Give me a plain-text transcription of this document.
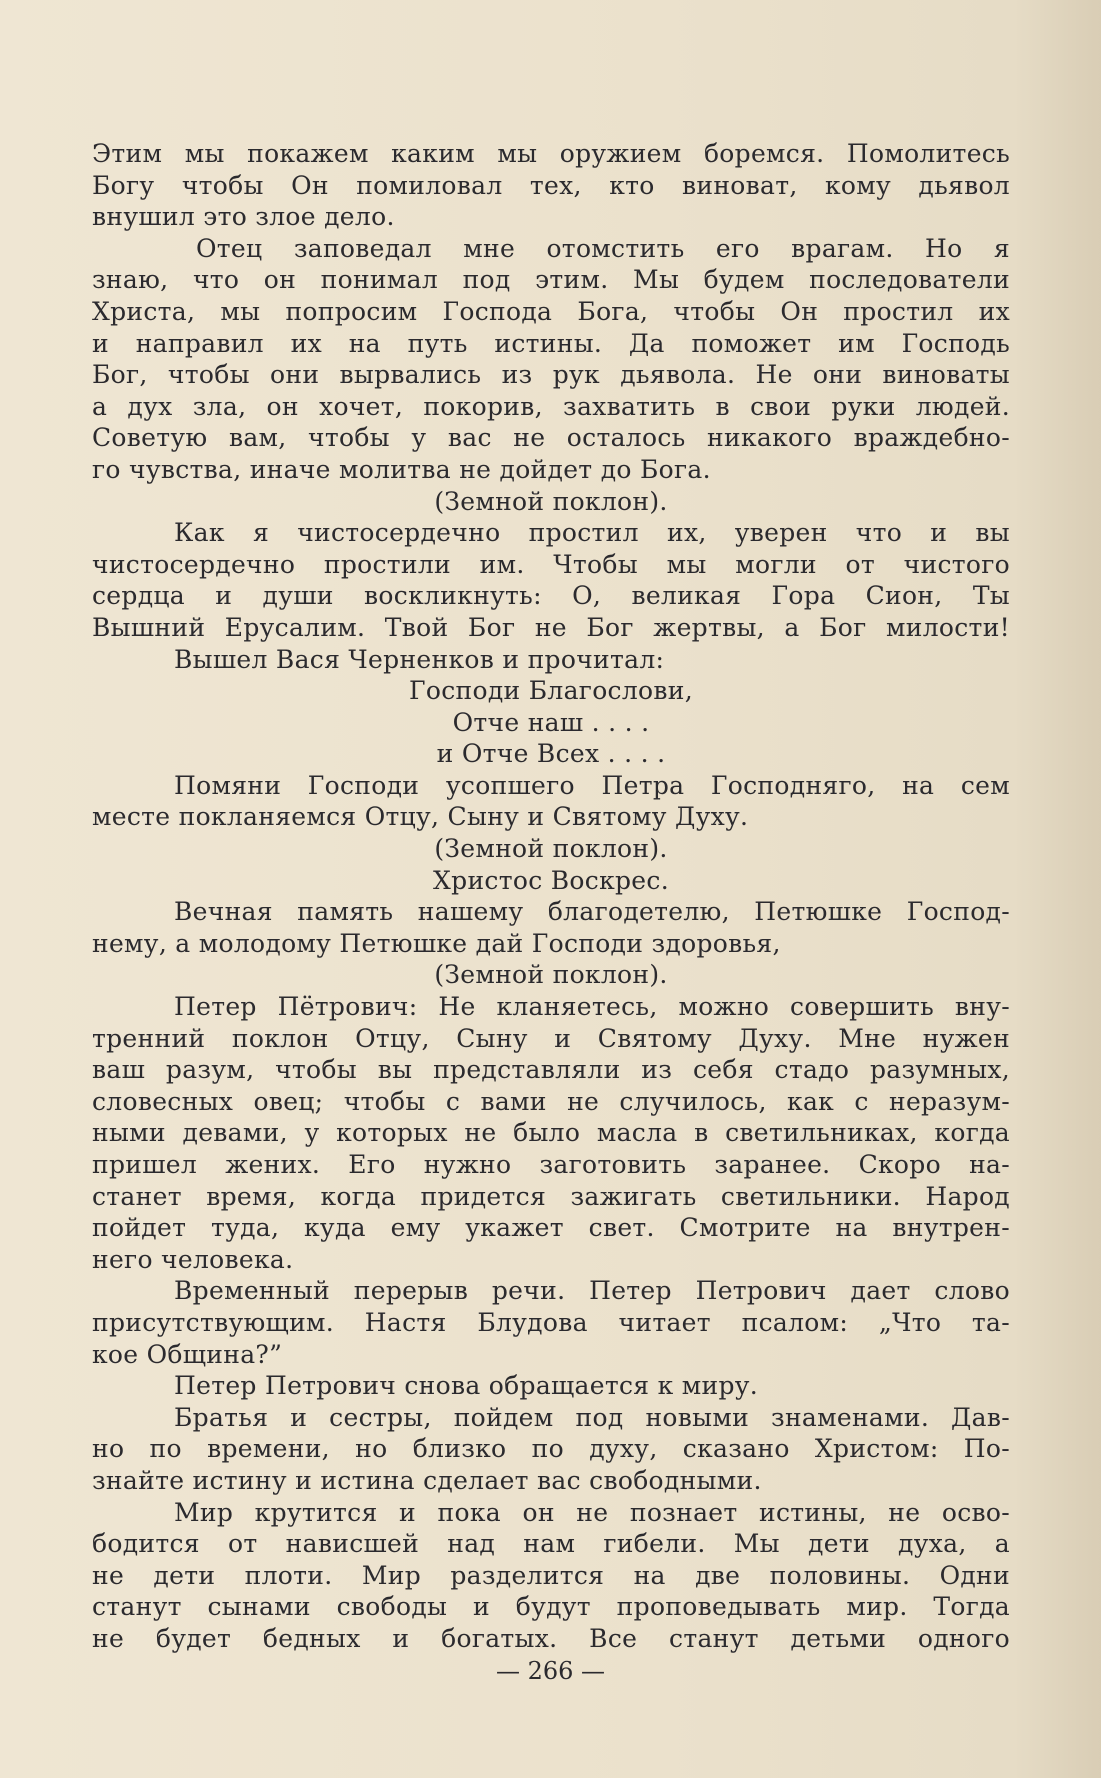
Этим мы покажем каким мы оружием боремся. Помолитесь
Богу чтобы Он помиловал тех, кто виноват, кому дьявол
внушил это злое дело.
Отец заповедал мне отомстить его врагам. Но я
знаю, что он понимал под этим. Мы будем последователи
Христа, мы попросим Господа Бога, чтобы Он простил их
и направил их на путь истины. Да поможет им Господь
Бог, чтобы они вырвались из рук дьявола. Не они виноваты
а дух зла, он хочет, покорив, захватить в свои руки людей.
Советую вам, чтобы у вас не осталось никакого враждебно-
го чувства, иначе молитва не дойдет до Бога.
(Земной поклон).
Как я чистосердечно простил их, уверен что и вы
чистосердечно простили им. Чтобы мы могли от чистого
сердца и души воскликнуть: О, великая Гора Сион, Ты
Вышний Ерусалим. Твой Бог не Бог жертвы, а Бог милости!
Вышел Вася Черненков и прочитал:
Господи Благослови,
Отче наш . . . .
и Отче Всех . . . .
Помяни Господи усопшего Петра Господняго, на сем
месте покланяемся Отцу, Сыну и Святому Духу.
(Земной поклон).
Христос Воскрес.
Вечная память нашему благодетелю, Петюшке Господ-
нему, а молодому Петюшке дай Господи здоровья,
(Земной поклон).
Петер Пётрович: Не кланяетесь, можно совершить вну-
тренний поклон Отцу, Сыну и Святому Духу. Мне нужен
ваш разум, чтобы вы представляли из себя стадо разумных,
словесных овец; чтобы с вами не случилось, как с неразум-
ными девами, у которых не было масла в светильниках, когда
пришел жених. Его нужно заготовить заранее. Скоро на-
станет время, когда придется зажигать светильники. Народ
пойдет туда, куда ему укажет свет. Смотрите на внутрен-
него человека.
Временный перерыв речи. Петер Петрович дает слово
присутствующим. Настя Блудова читает псалом: „Что та-
кое Община?”
Петер Петрович снова обращается к миру.
Братья и сестры, пойдем под новыми знаменами. Дав-
но по времени, но близко по духу, сказано Христом: По-
знайте истину и истина сделает вас свободными.
Мир крутится и пока он не познает истины, не осво-
бодится от нависшей над нам гибели. Мы дети духа, а
не дети плоти. Мир разделится на две половины. Одни
станут сынами свободы и будут проповедывать мир. Тогда
не будет бедных и богатых. Все станут детьми одного
— 266 —
